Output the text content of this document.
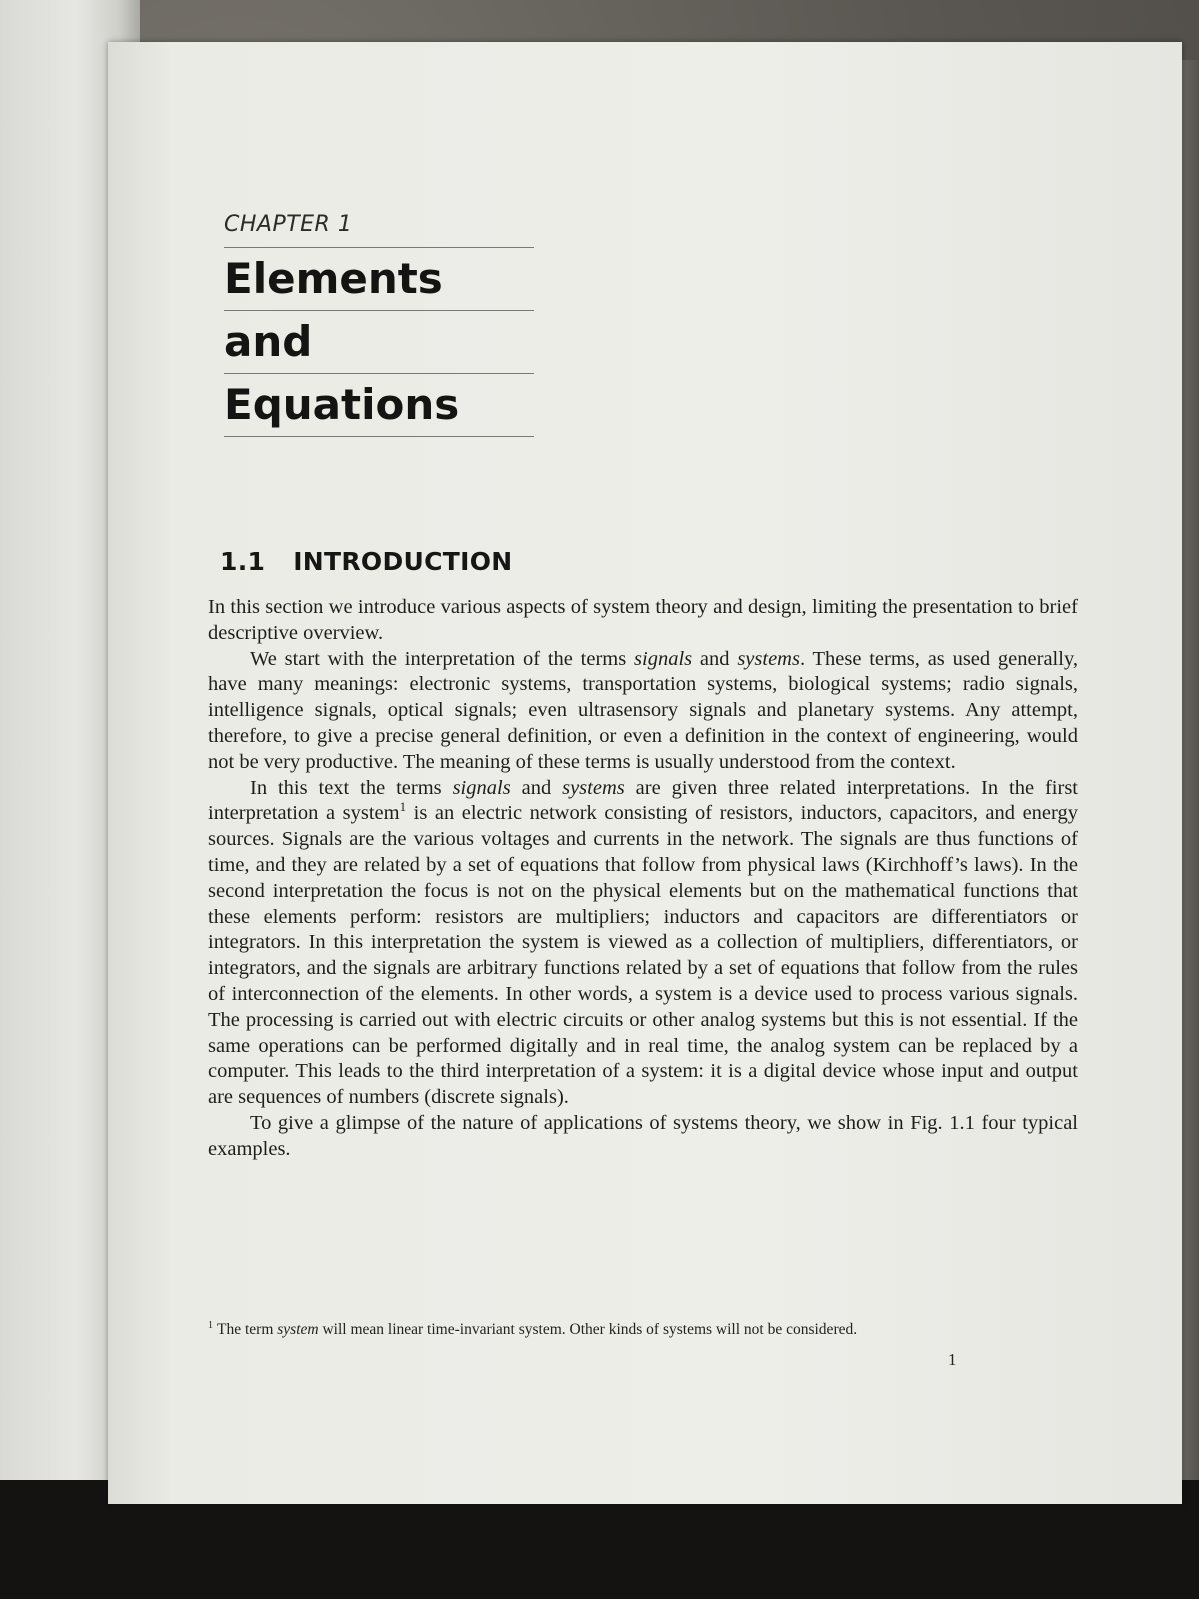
CHAPTER 1
Elements
and
Equations
1.1 INTRODUCTION

In this section we introduce various aspects of system theory and design, limiting the presentation to brief descriptive overview.

We start with the interpretation of the terms signals and systems. These terms, as used generally, have many meanings: electronic systems, transportation systems, biological systems; radio signals, intelligence signals, optical signals; even ultrasensory signals and planetary systems. Any attempt, therefore, to give a precise general definition, or even a definition in the context of engineering, would not be very productive. The meaning of these terms is usually understood from the context.

In this text the terms signals and systems are given three related interpretations. In the first interpretation a system$^1$ is an electric network consisting of resistors, inductors, capacitors, and energy sources. Signals are the various voltages and currents in the network. The signals are thus functions of time, and they are related by a set of equations that follow from physical laws (Kirchhoff’s laws). In the second interpretation the focus is not on the physical elements but on the mathematical functions that these elements perform: resistors are multipliers; inductors and capacitors are differentiators or integrators. In this interpretation the system is viewed as a collection of multipliers, differentiators, or integrators, and the signals are arbitrary functions related by a set of equations that follow from the rules of interconnection of the elements. In other words, a system is a device used to process various signals. The processing is carried out with electric circuits or other analog systems but this is not essential. If the same operations can be performed digitally and in real time, the analog system can be replaced by a computer. This leads to the third interpretation of a system: it is a digital device whose input and output are sequences of numbers (discrete signals).

To give a glimpse of the nature of applications of systems theory, we show in Fig. 1.1 four typical examples.

$^1$ The term system will mean linear time-invariant system. Other kinds of systems will not be considered.
1
